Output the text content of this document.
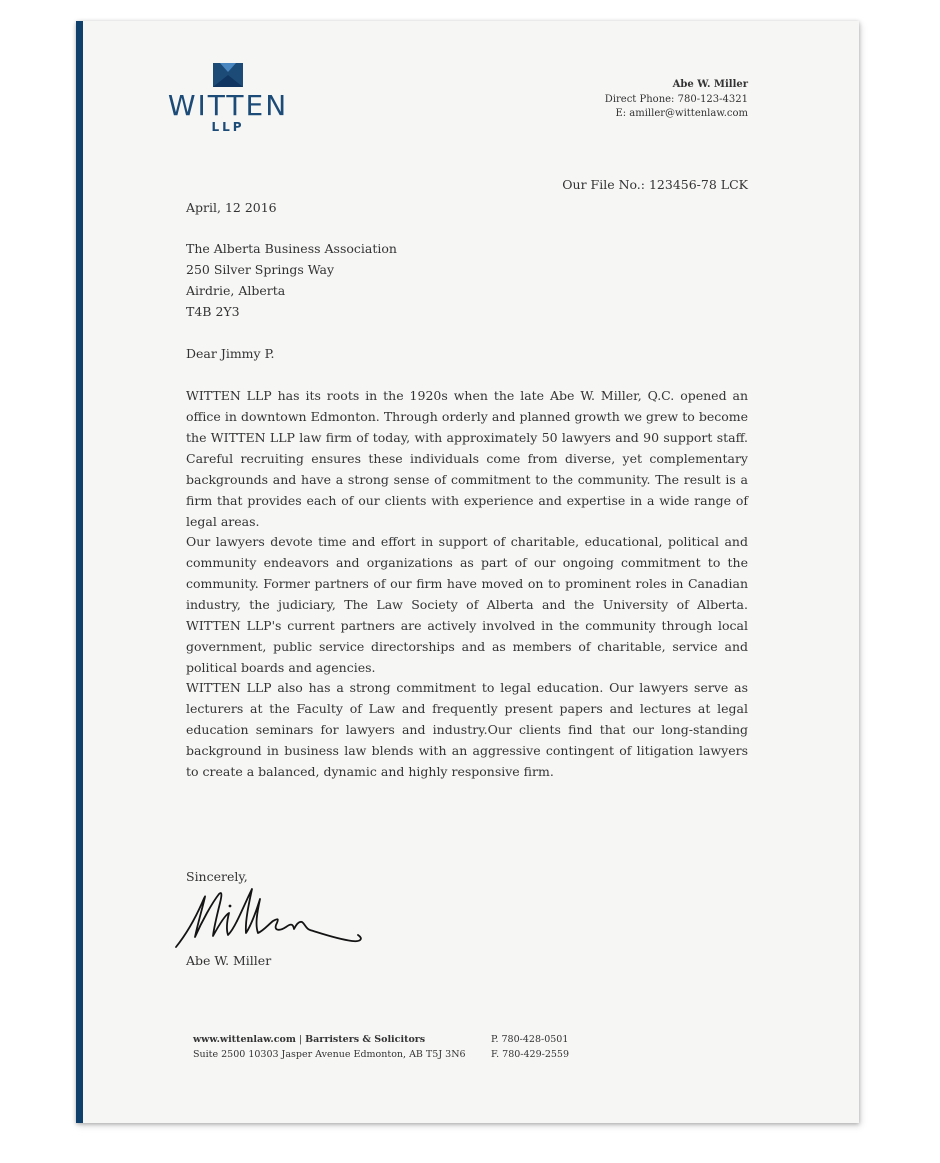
WITTEN
LLP
Abe W. Miller
Direct Phone: 780-123-4321
E: amiller@wittenlaw.com
Our File No.: 123456-78 LCK
April, 12 2016
The Alberta Business Association
250 Silver Springs Way
Airdrie, Alberta
T4B 2Y3
Dear Jimmy P.
WITTEN LLP has its roots in the 1920s when the late Abe W. Miller, Q.C. opened an office in downtown Edmonton. Through orderly and planned growth we grew to become the WITTEN LLP law firm of today, with approximately 50 lawyers and 90 support staff. Careful recruiting ensures these individuals come from diverse, yet complementary backgrounds and have a strong sense of commitment to the community. The result is a firm that provides each of our clients with experience and expertise in a wide range of legal areas.
Our lawyers devote time and effort in support of charitable, educational, political and community endeavors and organizations as part of our ongoing commitment to the community. Former partners of our firm have moved on to prominent roles in Canadian industry, the judiciary, The Law Society of Alberta and the University of Alberta. WITTEN LLP's current partners are actively involved in the community through local government, public service directorships and as members of charitable, service and political boards and agencies.
WITTEN LLP also has a strong commitment to legal education. Our lawyers serve as lecturers at the Faculty of Law and frequently present papers and lectures at legal education seminars for lawyers and industry.Our clients find that our long-standing background in business law blends with an aggressive contingent of litigation lawyers to create a balanced, dynamic and highly responsive firm.
Sincerely,
Abe W. Miller
www.wittenlaw.com | Barristers & Solicitors
Suite 2500 10303 Jasper Avenue Edmonton, AB T5J 3N6
P. 780-428-0501
F. 780-429-2559
